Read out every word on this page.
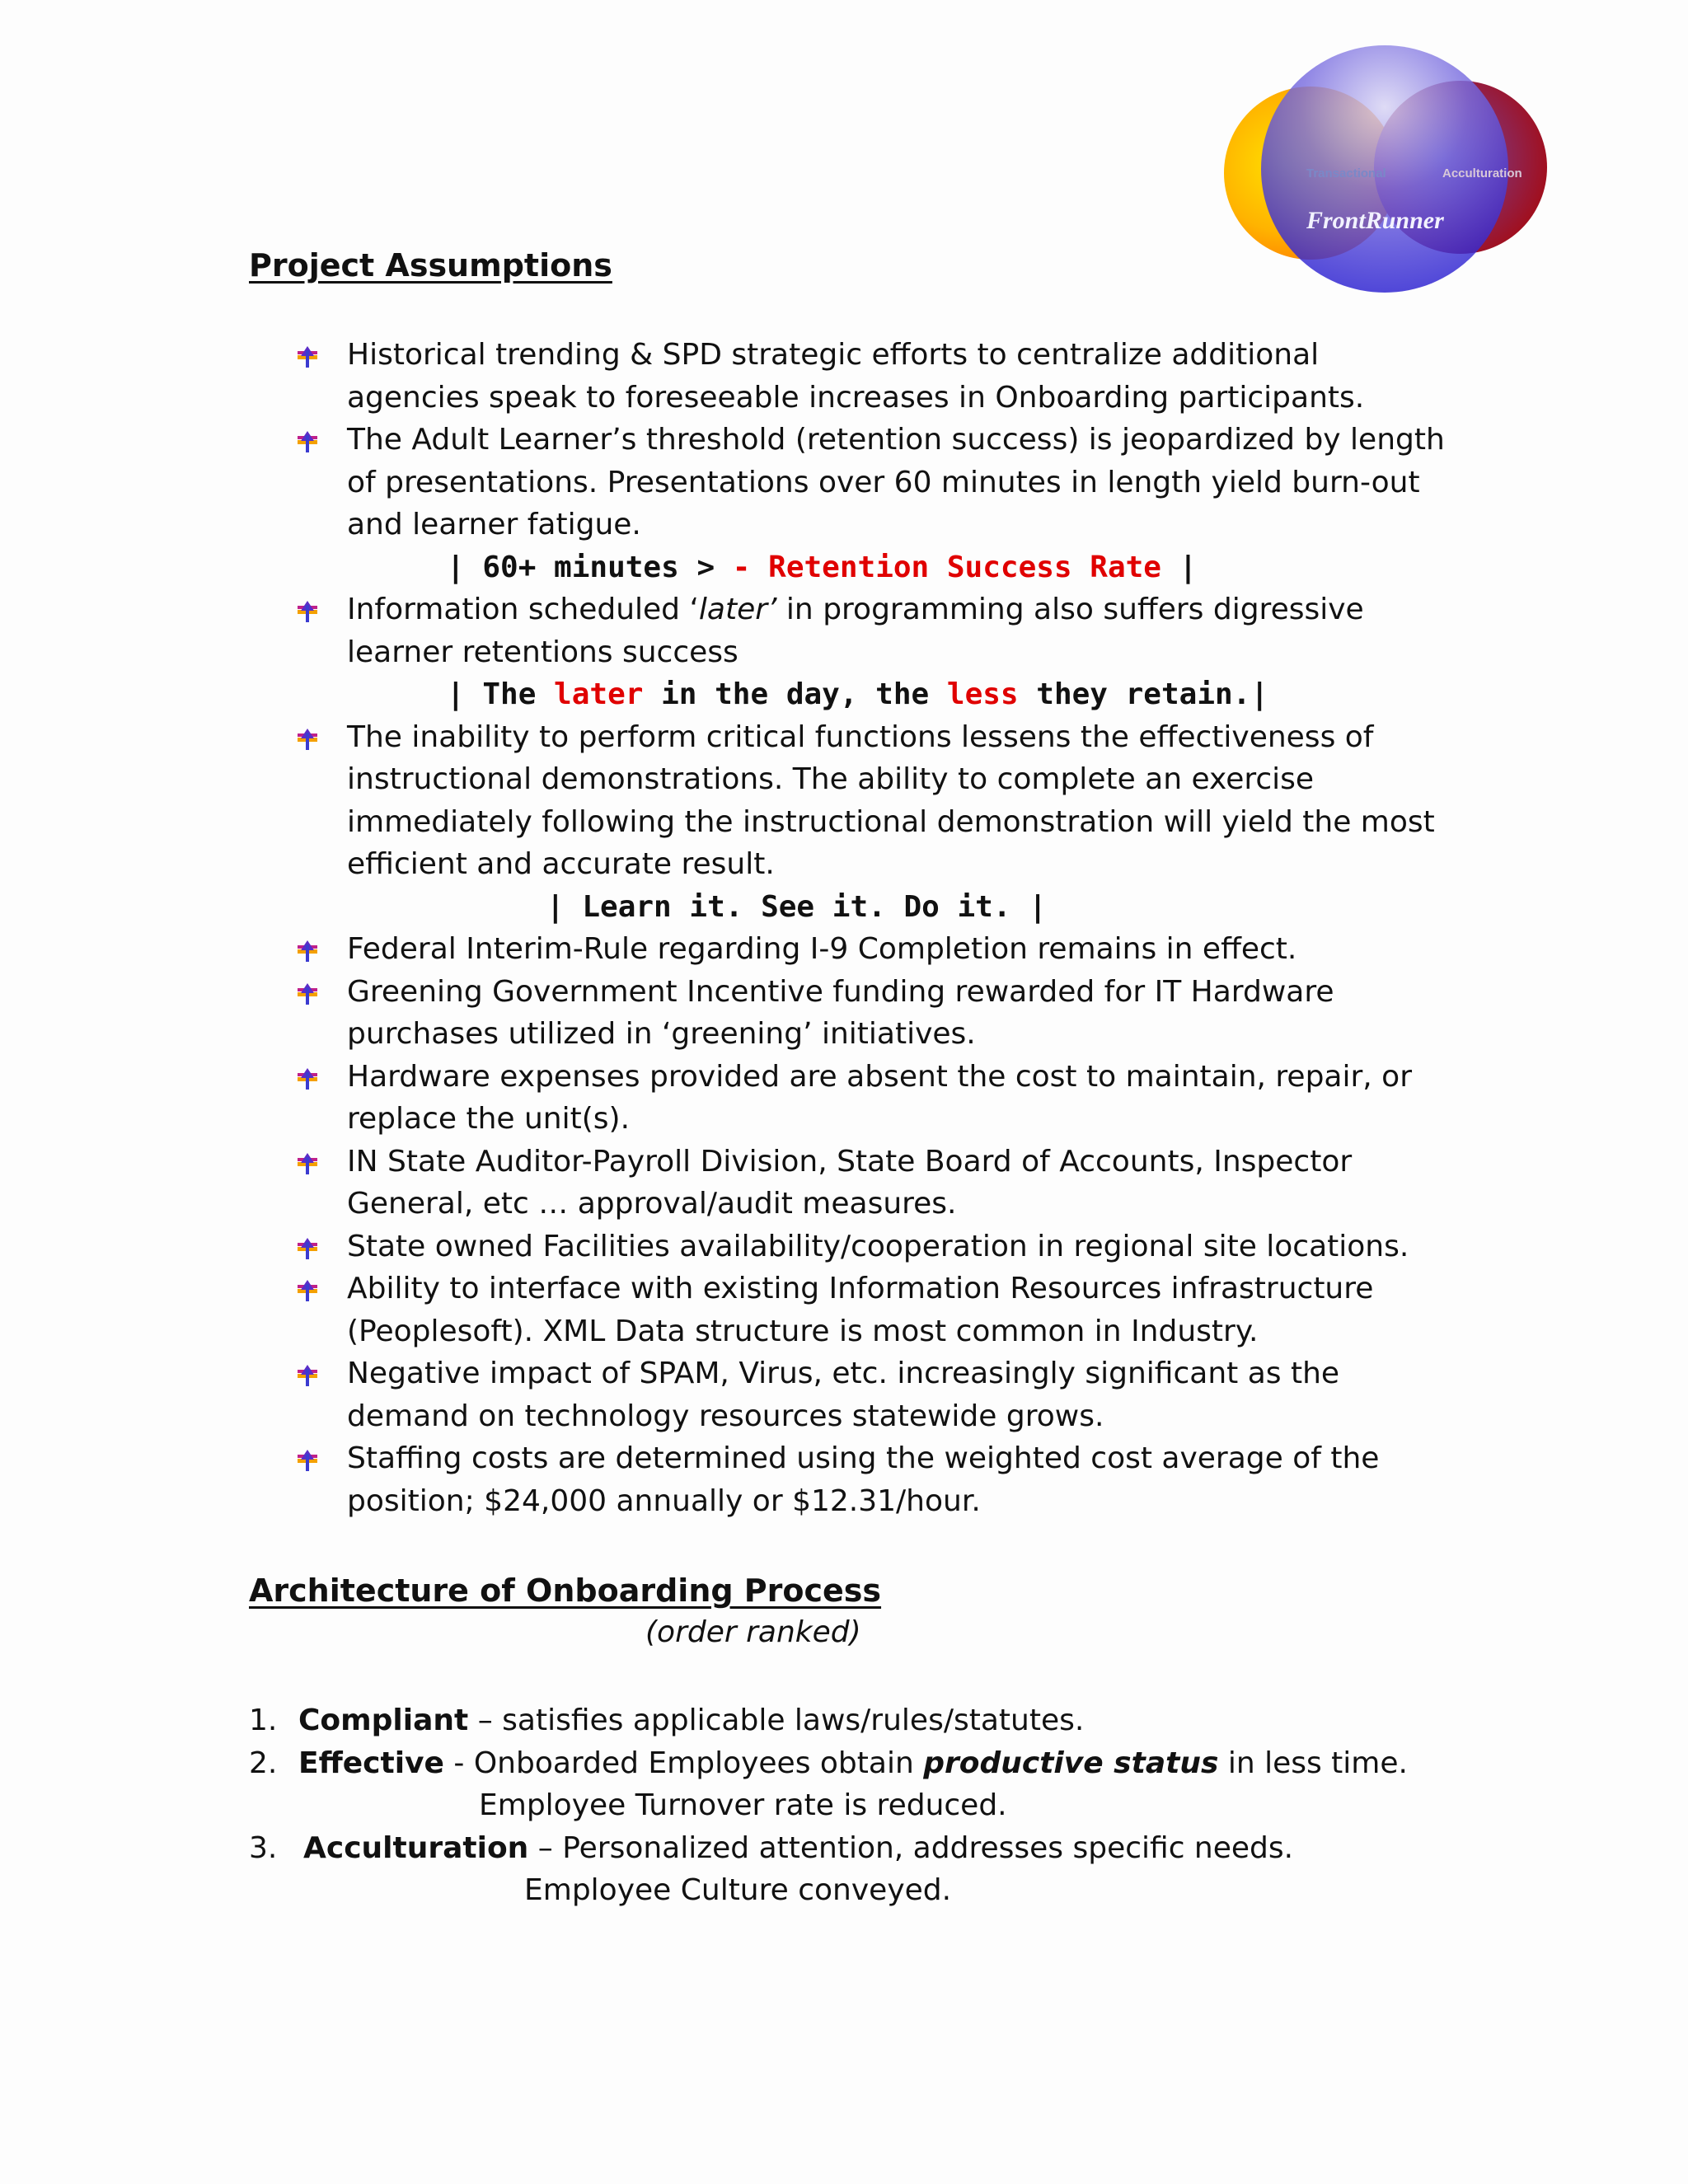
Transactional	Acculturation
FrontRunner
Project Assumptions
Historical trending & SPD strategic efforts to centralize additional agencies speak to foreseeable increases in Onboarding participants.
The Adult Learner’s threshold (retention success) is jeopardized by length of presentations. Presentations over 60 minutes in length yield burn-out and learner fatigue.
| 60+ minutes > - Retention Success Rate |
Information scheduled ‘later’ in programming also suffers digressive learner retentions success
| The later in the day, the less they retain.|
The inability to perform critical functions lessens the effectiveness of instructional demonstrations. The ability to complete an exercise immediately following the instructional demonstration will yield the most efficient and accurate result.
| Learn it. See it. Do it. |
Federal Interim-Rule regarding I-9 Completion remains in effect.
Greening Government Incentive funding rewarded for IT Hardware purchases utilized in ‘greening’ initiatives.
Hardware expenses provided are absent the cost to maintain, repair, or replace the unit(s).
IN State Auditor-Payroll Division, State Board of Accounts, Inspector General, etc … approval/audit measures.
State owned Facilities availability/cooperation in regional site locations.
Ability to interface with existing Information Resources infrastructure (Peoplesoft). XML Data structure is most common in Industry.
Negative impact of SPAM, Virus, etc. increasingly significant as the demand on technology resources statewide grows.
Staffing costs are determined using the weighted cost average of the position; $24,000 annually or $12.31/hour.
Architecture of Onboarding Process

(order ranked)

1. Compliant – satisfies applicable laws/rules/statutes.
2. Effective - Onboarded Employees obtain productive status in less time.
Employee Turnover rate is reduced.
3. Acculturation – Personalized attention, addresses specific needs.
Employee Culture conveyed.
